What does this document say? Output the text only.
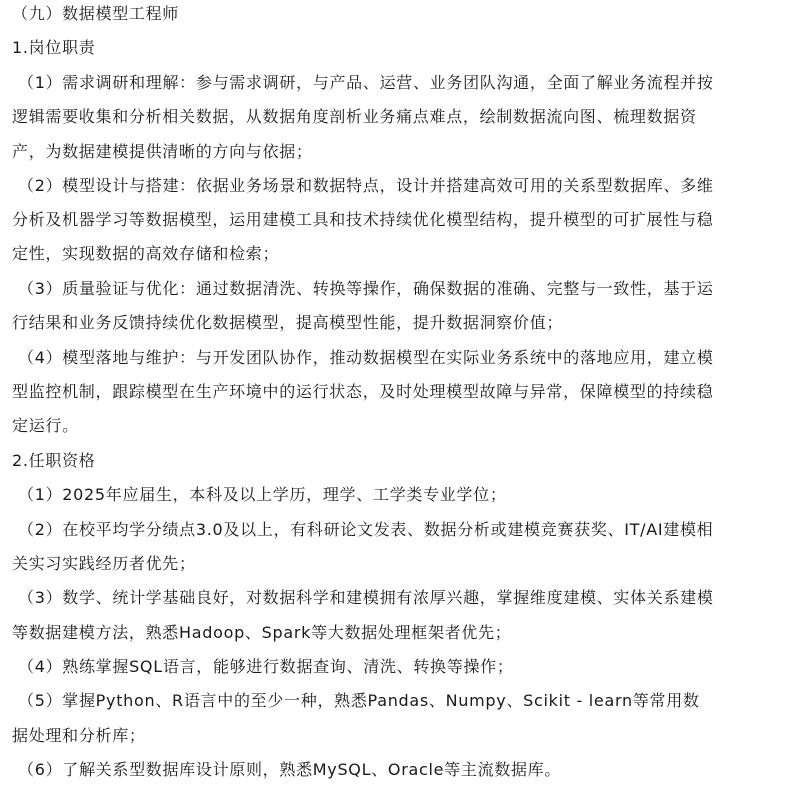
（九）数据模型工程师
1.岗位职责
（1）需求调研和理解：参与需求调研，与产品、运营、业务团队沟通，全面了解业务流程并按
逻辑需要收集和分析相关数据，从数据角度剖析业务痛点难点，绘制数据流向图、梳理数据资
产，为数据建模提供清晰的方向与依据；
（2）模型设计与搭建：依据业务场景和数据特点，设计并搭建高效可用的关系型数据库、多维
分析及机器学习等数据模型，运用建模工具和技术持续优化模型结构，提升模型的可扩展性与稳
定性，实现数据的高效存储和检索；
（3）质量验证与优化：通过数据清洗、转换等操作，确保数据的准确、完整与一致性，基于运
行结果和业务反馈持续优化数据模型，提高模型性能，提升数据洞察价值；
（4）模型落地与维护：与开发团队协作，推动数据模型在实际业务系统中的落地应用，建立模
型监控机制，跟踪模型在生产环境中的运行状态，及时处理模型故障与异常，保障模型的持续稳
定运行。
2.任职资格
（1）2025年应届生，本科及以上学历，理学、工学类专业学位；
（2）在校平均学分绩点3.0及以上，有科研论文发表、数据分析或建模竞赛获奖、IT/AI建模相
关实习实践经历者优先；
（3）数学、统计学基础良好，对数据科学和建模拥有浓厚兴趣，掌握维度建模、实体关系建模
等数据建模方法，熟悉Hadoop、Spark等大数据处理框架者优先；
（4）熟练掌握SQL语言，能够进行数据查询、清洗、转换等操作；
（5）掌握Python、R语言中的至少一种，熟悉Pandas、Numpy、Scikit - learn等常用数
据处理和分析库；
（6）了解关系型数据库设计原则，熟悉MySQL、Oracle等主流数据库。
